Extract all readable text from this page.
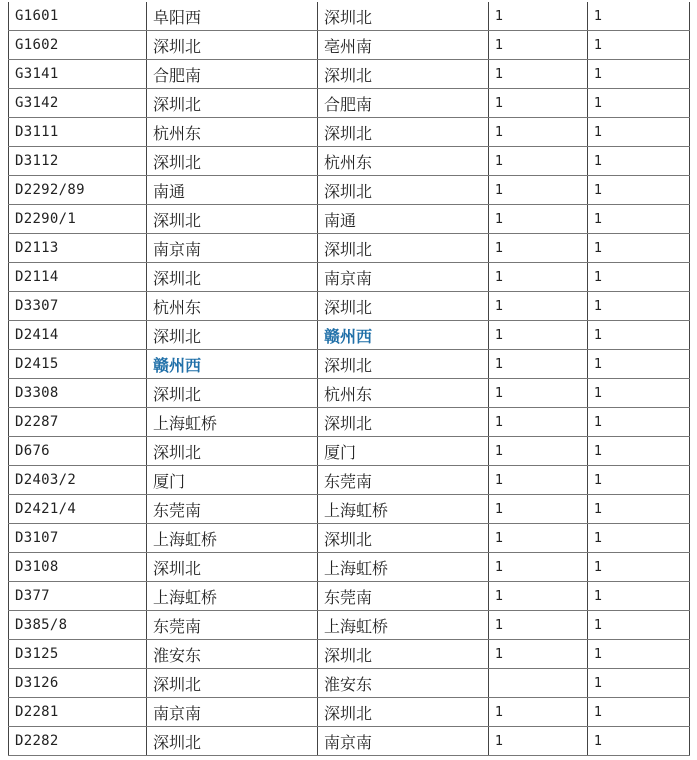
G1601	阜阳西	深圳北	1	1
G1602	深圳北	亳州南	1	1
G3141	合肥南	深圳北	1	1
G3142	深圳北	合肥南	1	1
D3111	杭州东	深圳北	1	1
D3112	深圳北	杭州东	1	1
D2292/89	南通	深圳北	1	1
D2290/1	深圳北	南通	1	1
D2113	南京南	深圳北	1	1
D2114	深圳北	南京南	1	1
D3307	杭州东	深圳北	1	1
D2414	深圳北	赣州西	1	1
D2415	赣州西	深圳北	1	1
D3308	深圳北	杭州东	1	1
D2287	上海虹桥	深圳北	1	1
D676	深圳北	厦门	1	1
D2403/2	厦门	东莞南	1	1
D2421/4	东莞南	上海虹桥	1	1
D3107	上海虹桥	深圳北	1	1
D3108	深圳北	上海虹桥	1	1
D377	上海虹桥	东莞南	1	1
D385/8	东莞南	上海虹桥	1	1
D3125	淮安东	深圳北	1	1
D3126	深圳北	淮安东		1
D2281	南京南	深圳北	1	1
D2282	深圳北	南京南	1	1
